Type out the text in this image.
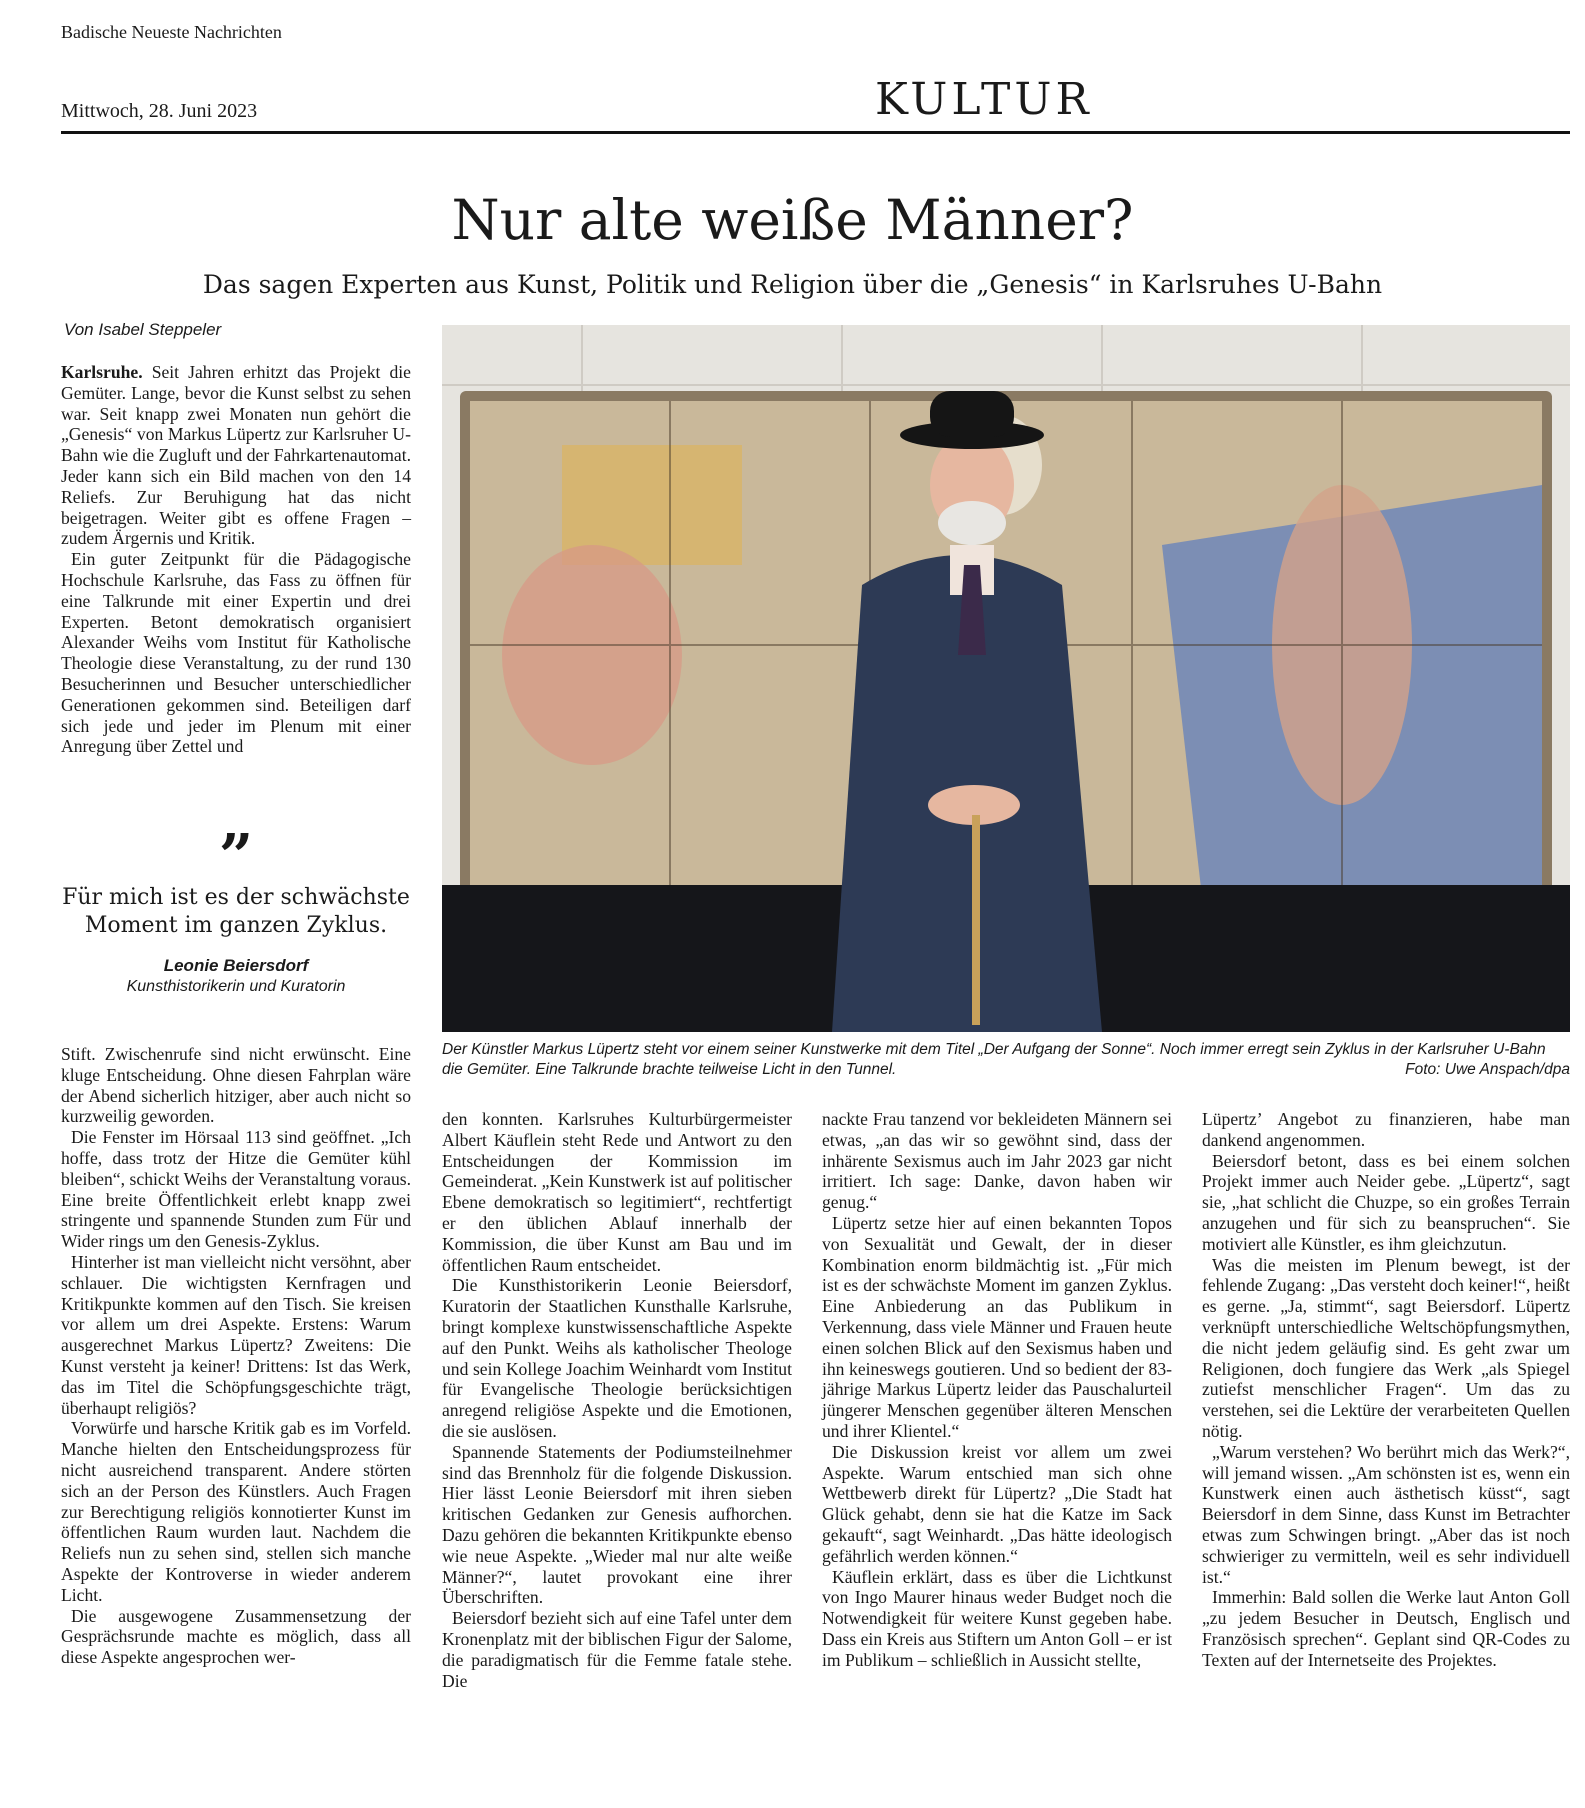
Badische Neueste Nachrichten
Mittwoch, 28. Juni 2023	KULTUR
Nur alte weiße Männer?
Das sagen Experten aus Kunst, Politik und Religion über die „Genesis“ in Karlsruhes U-Bahn
Von Isabel Steppeler

Karlsruhe. Seit Jahren erhitzt das Projekt die Gemüter. Lange, bevor die Kunst selbst zu sehen war. Seit knapp zwei Monaten nun gehört die „Genesis“ von Markus Lüpertz zur Karlsruher U-Bahn wie die Zugluft und der Fahrkartenautomat. Jeder kann sich ein Bild machen von den 14 Reliefs. Zur Beruhigung hat das nicht beigetragen. Weiter gibt es offene Fragen – zudem Ärgernis und Kritik.

Ein guter Zeitpunkt für die Pädagogische Hochschule Karlsruhe, das Fass zu öffnen für eine Talkrunde mit einer Expertin und drei Experten. Betont demokratisch organisiert Alexander Weihs vom Institut für Katholische Theologie diese Veranstaltung, zu der rund 130 Besucherinnen und Besucher unterschiedlicher Generationen gekommen sind. Beteiligen darf sich jede und jeder im Plenum mit einer Anregung über Zettel und

”
Für mich ist es der schwächste Moment im ganzen Zyklus.
Leonie Beiersdorf
Kunsthistorikerin und Kuratorin
Der Künstler Markus Lüpertz steht vor einem seiner Kunstwerke mit dem Titel „Der Aufgang der Sonne“. Noch immer erregt sein Zyklus in der Karlsruher U-Bahn die Gemüter. Eine Talkrunde brachte teilweise Licht in den Tunnel.	Foto: Uwe Anspach/dpa

Stift. Zwischenrufe sind nicht erwünscht. Eine kluge Entscheidung. Ohne diesen Fahrplan wäre der Abend sicherlich hitziger, aber auch nicht so kurzweilig geworden.

Die Fenster im Hörsaal 113 sind geöffnet. „Ich hoffe, dass trotz der Hitze die Gemüter kühl bleiben“, schickt Weihs der Veranstaltung voraus. Eine breite Öffentlichkeit erlebt knapp zwei stringente und spannende Stunden zum Für und Wider rings um den Genesis-Zyklus.

Hinterher ist man vielleicht nicht versöhnt, aber schlauer. Die wichtigsten Kernfragen und Kritikpunkte kommen auf den Tisch. Sie kreisen vor allem um drei Aspekte. Erstens: Warum ausgerechnet Markus Lüpertz? Zweitens: Die Kunst versteht ja keiner! Drittens: Ist das Werk, das im Titel die Schöpfungsgeschichte trägt, überhaupt religiös?

Vorwürfe und harsche Kritik gab es im Vorfeld. Manche hielten den Entscheidungsprozess für nicht ausreichend transparent. Andere störten sich an der Person des Künstlers. Auch Fragen zur Berechtigung religiös konnotierter Kunst im öffentlichen Raum wurden laut. Nachdem die Reliefs nun zu sehen sind, stellen sich manche Aspekte der Kontroverse in wieder anderem Licht.

Die ausgewogene Zusammensetzung der Gesprächsrunde machte es möglich, dass all diese Aspekte angesprochen wer-

den konnten. Karlsruhes Kulturbürgermeister Albert Käuflein steht Rede und Antwort zu den Entscheidungen der Kommission im Gemeinderat. „Kein Kunstwerk ist auf politischer Ebene demokratisch so legitimiert“, rechtfertigt er den üblichen Ablauf innerhalb der Kommission, die über Kunst am Bau und im öffentlichen Raum entscheidet.

Die Kunsthistorikerin Leonie Beiersdorf, Kuratorin der Staatlichen Kunsthalle Karlsruhe, bringt komplexe kunstwissenschaftliche Aspekte auf den Punkt. Weihs als katholischer Theologe und sein Kollege Joachim Weinhardt vom Institut für Evangelische Theologie berücksichtigen anregend religiöse Aspekte und die Emotionen, die sie auslösen.

Spannende Statements der Podiumsteilnehmer sind das Brennholz für die folgende Diskussion. Hier lässt Leonie Beiersdorf mit ihren sieben kritischen Gedanken zur Genesis aufhorchen. Dazu gehören die bekannten Kritikpunkte ebenso wie neue Aspekte. „Wieder mal nur alte weiße Männer?“, lautet provokant eine ihrer Überschriften.

Beiersdorf bezieht sich auf eine Tafel unter dem Kronenplatz mit der biblischen Figur der Salome, die paradigmatisch für die Femme fatale stehe. Die

nackte Frau tanzend vor bekleideten Männern sei etwas, „an das wir so gewöhnt sind, dass der inhärente Sexismus auch im Jahr 2023 gar nicht irritiert. Ich sage: Danke, davon haben wir genug.“

Lüpertz setze hier auf einen bekannten Topos von Sexualität und Gewalt, der in dieser Kombination enorm bildmächtig ist. „Für mich ist es der schwächste Moment im ganzen Zyklus. Eine Anbiederung an das Publikum in Verkennung, dass viele Männer und Frauen heute einen solchen Blick auf den Sexismus haben und ihn keineswegs goutieren. Und so bedient der 83-jährige Markus Lüpertz leider das Pauschalurteil jüngerer Menschen gegenüber älteren Menschen und ihrer Klientel.“

Die Diskussion kreist vor allem um zwei Aspekte. Warum entschied man sich ohne Wettbewerb direkt für Lüpertz? „Die Stadt hat Glück gehabt, denn sie hat die Katze im Sack gekauft“, sagt Weinhardt. „Das hätte ideologisch gefährlich werden können.“

Käuflein erklärt, dass es über die Lichtkunst von Ingo Maurer hinaus weder Budget noch die Notwendigkeit für weitere Kunst gegeben habe. Dass ein Kreis aus Stiftern um Anton Goll – er ist im Publikum – schließlich in Aussicht stellte,

Lüpertz’ Angebot zu finanzieren, habe man dankend angenommen.

Beiersdorf betont, dass es bei einem solchen Projekt immer auch Neider gebe. „Lüpertz“, sagt sie, „hat schlicht die Chuzpe, so ein großes Terrain anzugehen und für sich zu beanspruchen“. Sie motiviert alle Künstler, es ihm gleichzutun.

Was die meisten im Plenum bewegt, ist der fehlende Zugang: „Das versteht doch keiner!“, heißt es gerne. „Ja, stimmt“, sagt Beiersdorf. Lüpertz verknüpft unterschiedliche Weltschöpfungsmythen, die nicht jedem geläufig sind. Es geht zwar um Religionen, doch fungiere das Werk „als Spiegel zutiefst menschlicher Fragen“. Um das zu verstehen, sei die Lektüre der verarbeiteten Quellen nötig.

„Warum verstehen? Wo berührt mich das Werk?“, will jemand wissen. „Am schönsten ist es, wenn ein Kunstwerk einen auch ästhetisch küsst“, sagt Beiersdorf in dem Sinne, dass Kunst im Betrachter etwas zum Schwingen bringt. „Aber das ist noch schwieriger zu vermitteln, weil es sehr individuell ist.“

Immerhin: Bald sollen die Werke laut Anton Goll „zu jedem Besucher in Deutsch, Englisch und Französisch sprechen“. Geplant sind QR-Codes zu Texten auf der Internetseite des Projektes.
